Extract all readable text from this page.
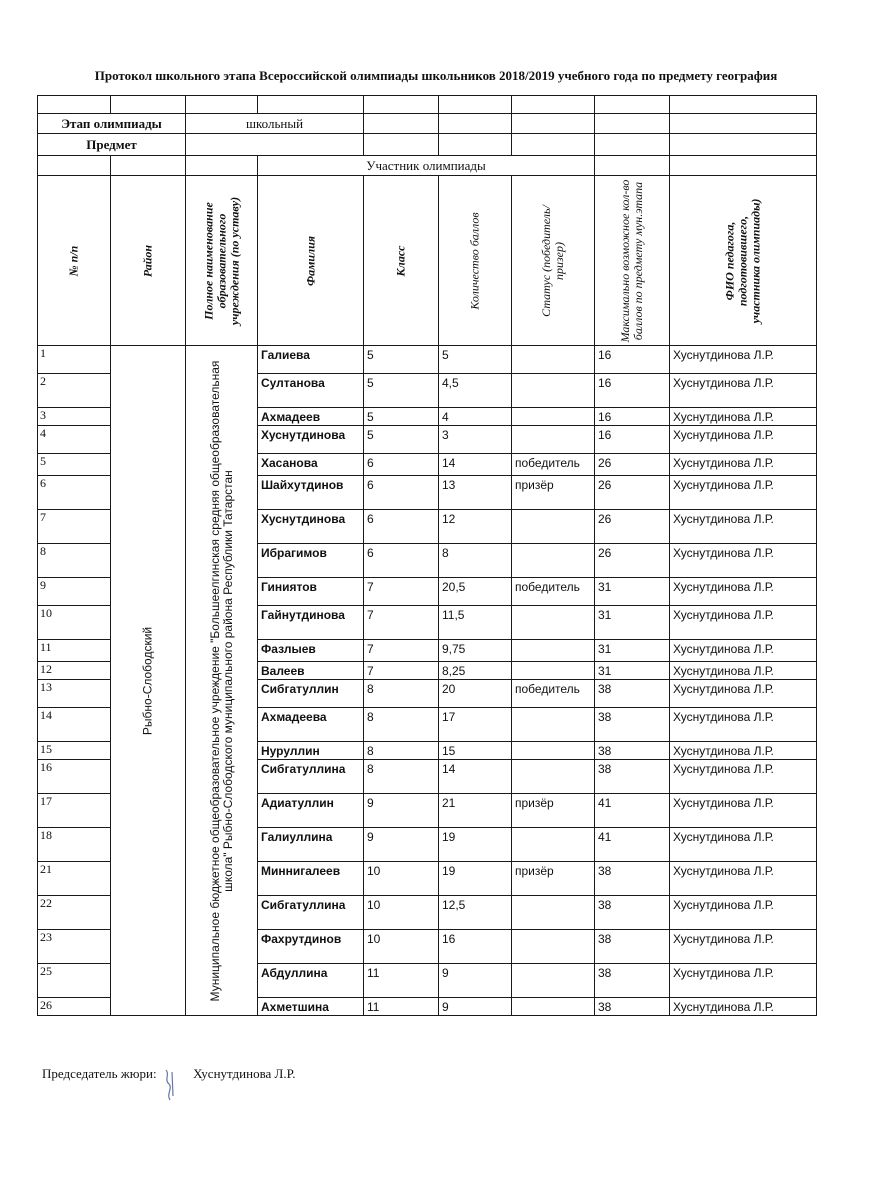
Протокол школьного этапа Всероссийской олимпиады школьников 2018/2019 учебного года по предмету география

Этап олимпиады		школьный						
Предмет								
			Участник олимпиады					

№ п/п	Район	Полное наименование образовательного учреждения (по уставу)	Фамилия	Класс	Количество баллов	Статус (победитель/призер)	Максимально возможное кол-во баллов по предмету мун.этапа	ФИО педагога, подготовившего, участника олимпиады)

1	Рыбно-Слободский	Муниципальное бюджетное общеобразовательное учреждение "Большеелгинская средняя общеобразовательная школа" Рыбно-Слободского муниципального района Республики Татарстан	Галиева	5	5		16	Хуснутдинова Л.Р.
2			Султанова	5	4,5		16	Хуснутдинова Л.Р.
3			Ахмадеев	5	4		16	Хуснутдинова Л.Р.
4			Хуснутдинова	5	3		16	Хуснутдинова Л.Р.
5			Хасанова	6	14	победитель	26	Хуснутдинова Л.Р.
6			Шайхутдинов	6	13	призёр	26	Хуснутдинова Л.Р.
7			Хуснутдинова	6	12		26	Хуснутдинова Л.Р.
8			Ибрагимов	6	8		26	Хуснутдинова Л.Р.
9			Гиниятов	7	20,5	победитель	31	Хуснутдинова Л.Р.
10			Гайнутдинова	7	11,5		31	Хуснутдинова Л.Р.
11			Фазлыев	7	9,75		31	Хуснутдинова Л.Р.
12			Валеев	7	8,25		31	Хуснутдинова Л.Р.
13			Сибгатуллин	8	20	победитель	38	Хуснутдинова Л.Р.
14			Ахмадеева	8	17		38	Хуснутдинова Л.Р.
15			Нуруллин	8	15		38	Хуснутдинова Л.Р.
16			Сибгатуллина	8	14		38	Хуснутдинова Л.Р.
17			Адиатуллин	9	21	призёр	41	Хуснутдинова Л.Р.
18			Галиуллина	9	19		41	Хуснутдинова Л.Р.
21			Миннигалеев	10	19	призёр	38	Хуснутдинова Л.Р.
22			Сибгатуллина	10	12,5		38	Хуснутдинова Л.Р.
23			Фахрутдинов	10	16		38	Хуснутдинова Л.Р.
25			Абдуллина	11	9		38	Хуснутдинова Л.Р.
26			Ахметшина	11	9		38	Хуснутдинова Л.Р.
Председатель жюри:	Хуснутдинова Л.Р.
